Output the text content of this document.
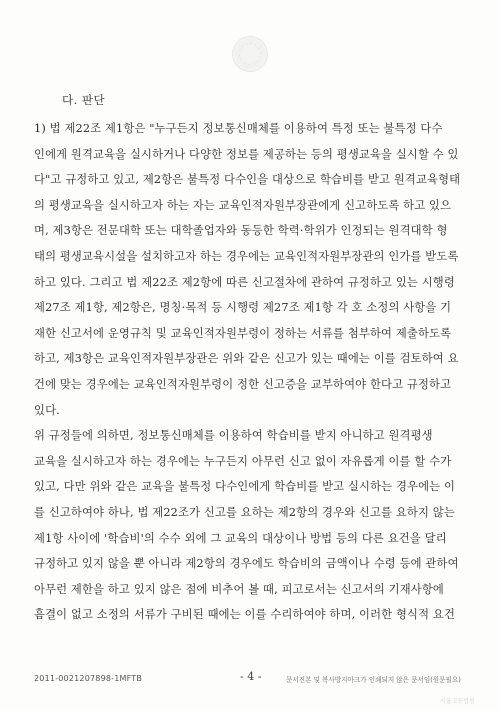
다. 판단
1) 법 제22조 제1항은 "누구든지 정보통신매체를 이용하여 특정 또는 불특정 다수
인에게 원격교육을 실시하거나 다양한 정보를 제공하는 등의 평생교육을 실시할 수 있
다"고 규정하고 있고, 제2항은 불특정 다수인을 대상으로 학습비를 받고 원격교육형태
의 평생교육을 실시하고자 하는 자는 교육인적자원부장관에게 신고하도록 하고 있으
며, 제3항은 전문대학 또는 대학졸업자와 동등한 학력·학위가 인정되는 원격대학 형
태의 평생교육시설을 설치하고자 하는 경우에는 교육인적자원부장관의 인가를 받도록
하고 있다. 그리고 법 제22조 제2항에 따른 신고절차에 관하여 규정하고 있는 시행령
제27조 제1항, 제2항은, 명칭·목적 등 시행령 제27조 제1항 각 호 소정의 사항을 기
재한 신고서에 운영규칙 및 교육인적자원부령이 정하는 서류를 첨부하여 제출하도록
하고, 제3항은 교육인적자원부장관은 위와 같은 신고가 있는 때에는 이를 검토하여 요
건에 맞는 경우에는 교육인적자원부령이 정한 신고증을 교부하여야 한다고 규정하고
있다.
위 규정들에 의하면, 정보통신매체를 이용하여 학습비를 받지 아니하고 원격평생
교육을 실시하고자 하는 경우에는 누구든지 아무런 신고 없이 자유롭게 이를 할 수가
있고, 다만 위와 같은 교육을 불특정 다수인에게 학습비를 받고 실시하는 경우에는 이
를 신고하여야 하나, 법 제22조가 신고를 요하는 제2항의 경우와 신고를 요하지 않는
제1항 사이에 '학습비'의 수수 외에 그 교육의 대상이나 방법 등의 다른 요건을 달리
규정하고 있지 않을 뿐 아니라 제2항의 경우에도 학습비의 금액이나 수령 등에 관하여
아무런 제한을 하고 있지 않은 점에 비추어 볼 때, 피고로서는 신고서의 기재사항에
흠결이 없고 소정의 서류가 구비된 때에는 이를 수리하여야 하며, 이러한 형식적 요건
2011-0021207898-1MFTB	- 4 -	문서진본 및 복사방지마크가 인쇄되지 않은 문서임(원문필요)
서울고등법원
